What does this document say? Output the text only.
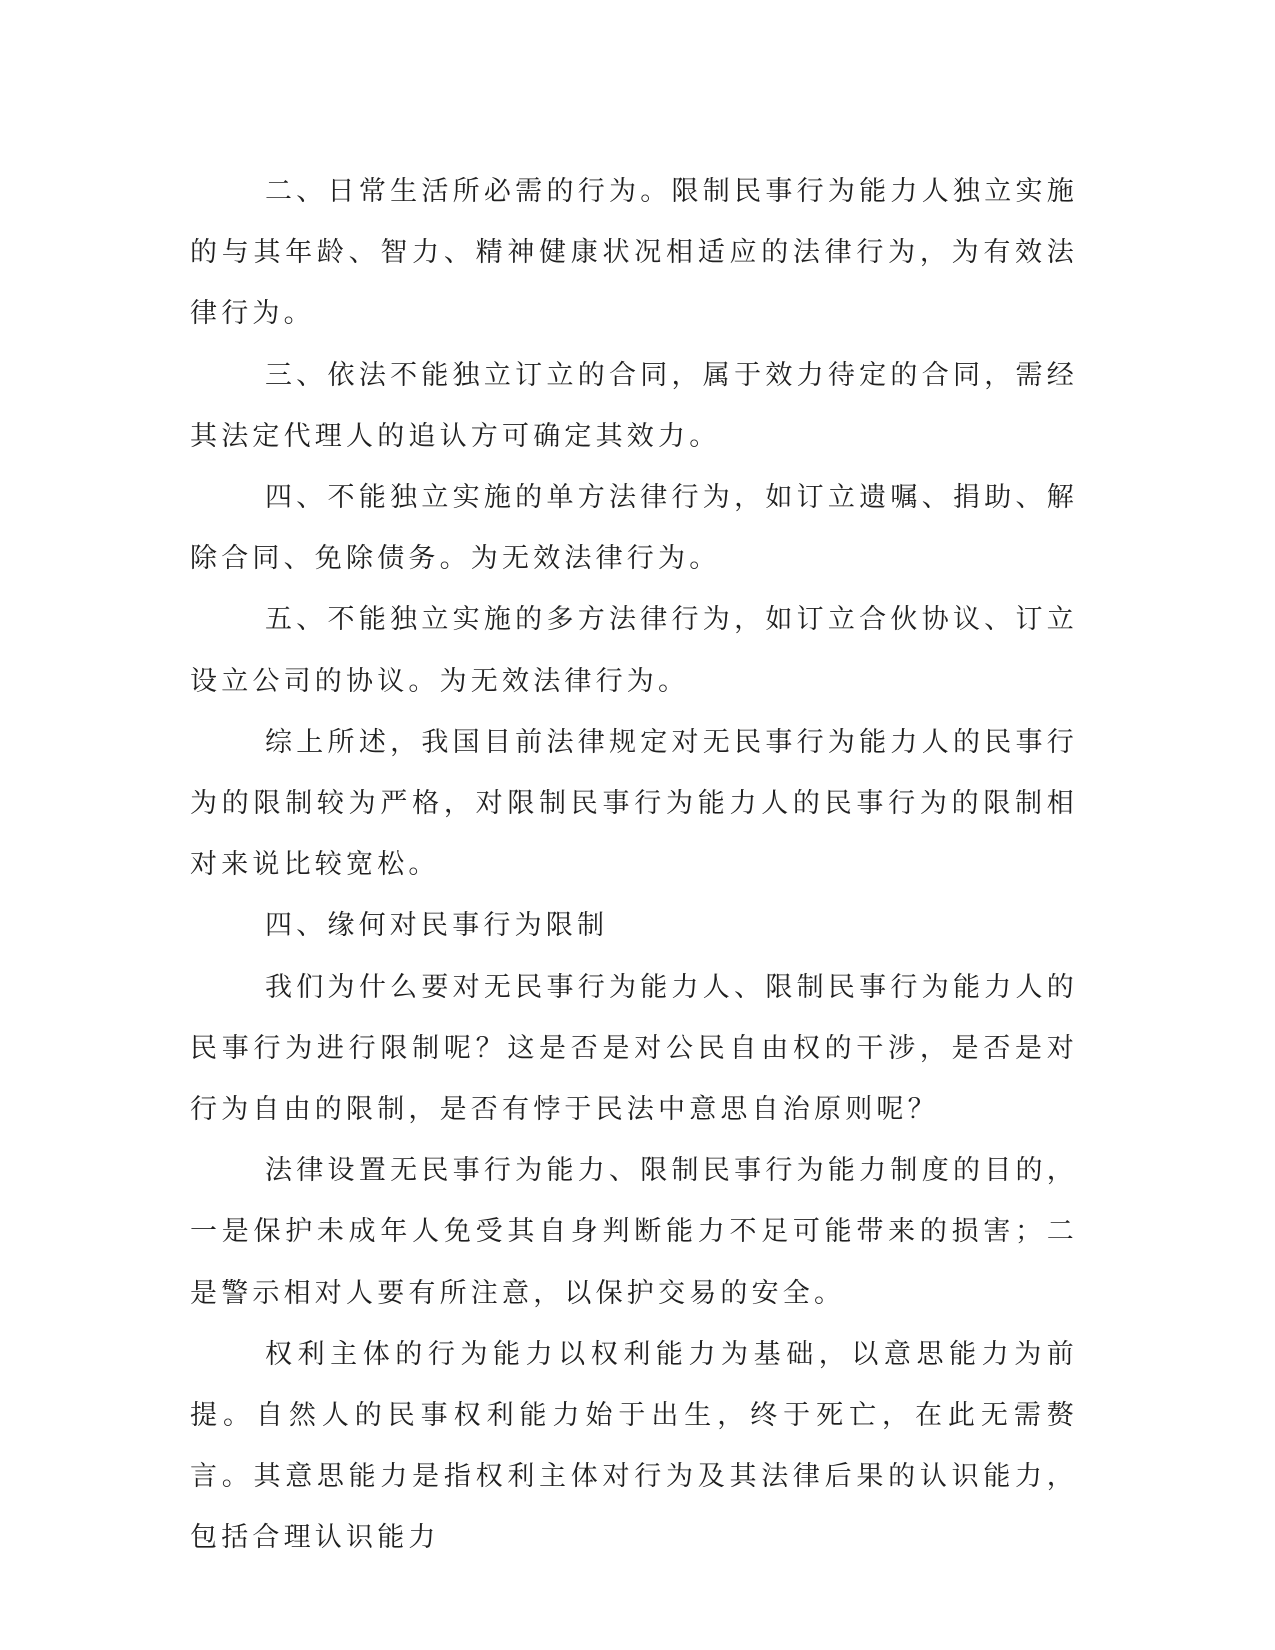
二、日常生活所必需的行为。限制民事行为能力人独立实施的与其年龄、智力、精神健康状况相适应的法律行为，为有效法律行为。

三、依法不能独立订立的合同，属于效力待定的合同，需经其法定代理人的追认方可确定其效力。

四、不能独立实施的单方法律行为，如订立遗嘱、捐助、解除合同、免除债务。为无效法律行为。

五、不能独立实施的多方法律行为，如订立合伙协议、订立设立公司的协议。为无效法律行为。

综上所述，我国目前法律规定对无民事行为能力人的民事行为的限制较为严格，对限制民事行为能力人的民事行为的限制相对来说比较宽松。

四、缘何对民事行为限制

我们为什么要对无民事行为能力人、限制民事行为能力人的民事行为进行限制呢？这是否是对公民自由权的干涉，是否是对行为自由的限制，是否有悖于民法中意思自治原则呢？

法律设置无民事行为能力、限制民事行为能力制度的目的，一是保护未成年人免受其自身判断能力不足可能带来的损害；二是警示相对人要有所注意，以保护交易的安全。

权利主体的行为能力以权利能力为基础，以意思能力为前提。自然人的民事权利能力始于出生，终于死亡，在此无需赘言。其意思能力是指权利主体对行为及其法律后果的认识能力，包括合理认识能力
